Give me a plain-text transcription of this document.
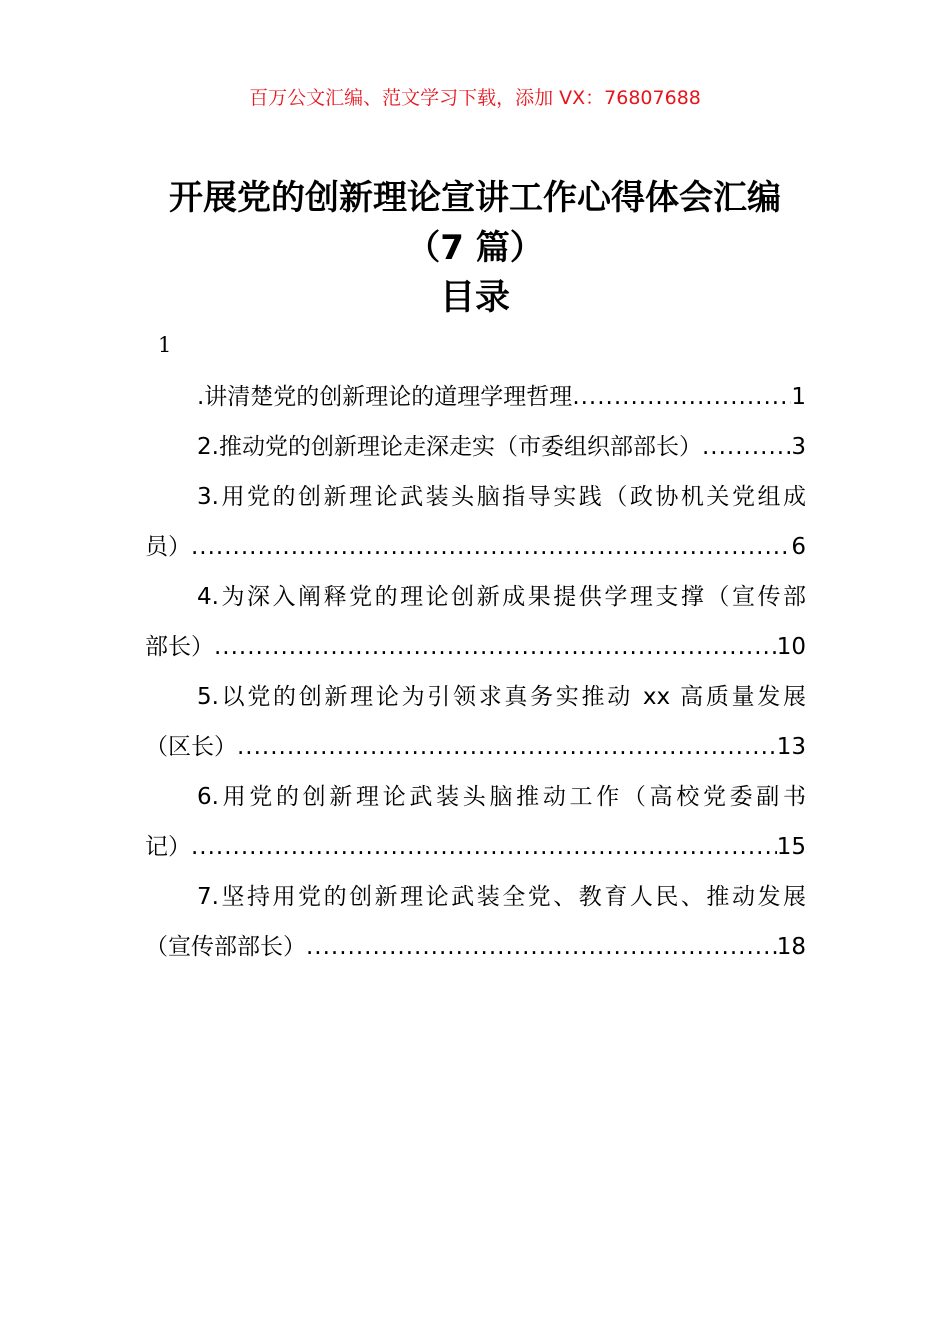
百万公文汇编、范文学习下载，添加 VX：76807688
开展党的创新理论宣讲工作心得体会汇编
（7 篇）
目录
1
.讲清楚党的创新理论的道理学理哲理 .....	1
2.推动党的创新理论走深走实（市委组织部部长） .....	3
3.用党的创新理论武装头脑指导实践（政协机关党组成
员） .....	6
4.为深入阐释党的理论创新成果提供学理支撑（宣传部
部长） .....	10
5.以党的创新理论为引领求真务实推动 xx 高质量发展
（区长） .....	13
6.用党的创新理论武装头脑推动工作（高校党委副书
记） .....	15
7.坚持用党的创新理论武装全党、教育人民、推动发展
（宣传部部长） .....	18
